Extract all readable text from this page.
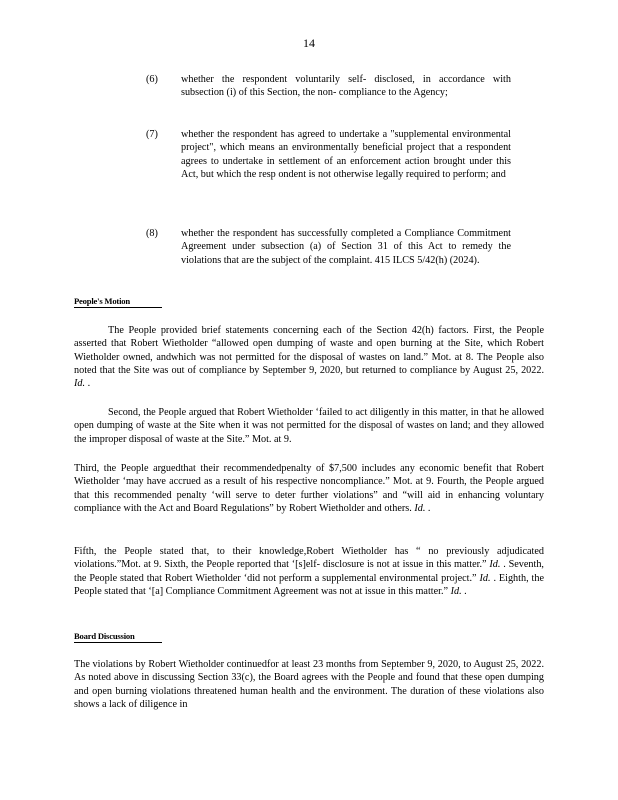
14
(6) whether the respondent voluntarily self- disclosed, in accordance with subsection (i) of this Section, the non- compliance to the Agency;
(7) whether the respondent has agreed to undertake a "supplemental environmental project", which means an environmentally beneficial project that a respondent agrees to undertake in settlement of an enforcement action brought under this Act, but which the resp ondent is not otherwise legally required to perform; and
(8) whether the respondent has successfully completed a Compliance Commitment Agreement under subsection (a) of Section 31 of this Act to remedy the violations that are the subject of the complaint. 415 ILCS 5/42(h) (2024).
People's Motion

The People provided brief statements concerning each of the Section 42(h) factors. First, the People asserted that Robert Wietholder “allowed open dumping of waste and open burning at the Site, which Robert Wietholder owned, andwhich was not permitted for the disposal of wastes on land.” Mot. at 8. The People also noted that the Site was out of compliance by September 9, 2020, but returned to compliance by August 25, 2022. Id. .

Second, the People argued that Robert Wietholder ‘failed to act diligently in this matter, in that he allowed open dumping of waste at the Site when it was not permitted for the disposal of wastes on land; and they allowed the improper disposal of waste at the Site.” Mot. at 9.

Third, the People arguedthat their recommendedpenalty of $7,500 includes any economic benefit that Robert Wietholder ‘may have accrued as a result of his respective noncompliance.” Mot. at 9. Fourth, the People argued that this recommended penalty ‘will serve to deter further violations” and “will aid in enhancing voluntary compliance with the Act and Board Regulations” by Robert Wietholder and others. Id. .

Fifth, the People stated that, to their knowledge,Robert Wietholder has “ no previously adjudicated violations.”Mot. at 9. Sixth, the People reported that ‘[s]elf- disclosure is not at issue in this matter.” Id. . Seventh, the People stated that Robert Wietholder ‘did not perform a supplemental environmental project.” Id. . Eighth, the People stated that ‘[a] Compliance Commitment Agreement was not at issue in this matter.” Id. .

Board Discussion

The violations by Robert Wietholder continuedfor at least 23 months from September 9, 2020, to August 25, 2022. As noted above in discussing Section 33(c), the Board agrees with the People and found that these open dumping and open burning violations threatened human health and the environment. The duration of these violations also shows a lack of diligence in
